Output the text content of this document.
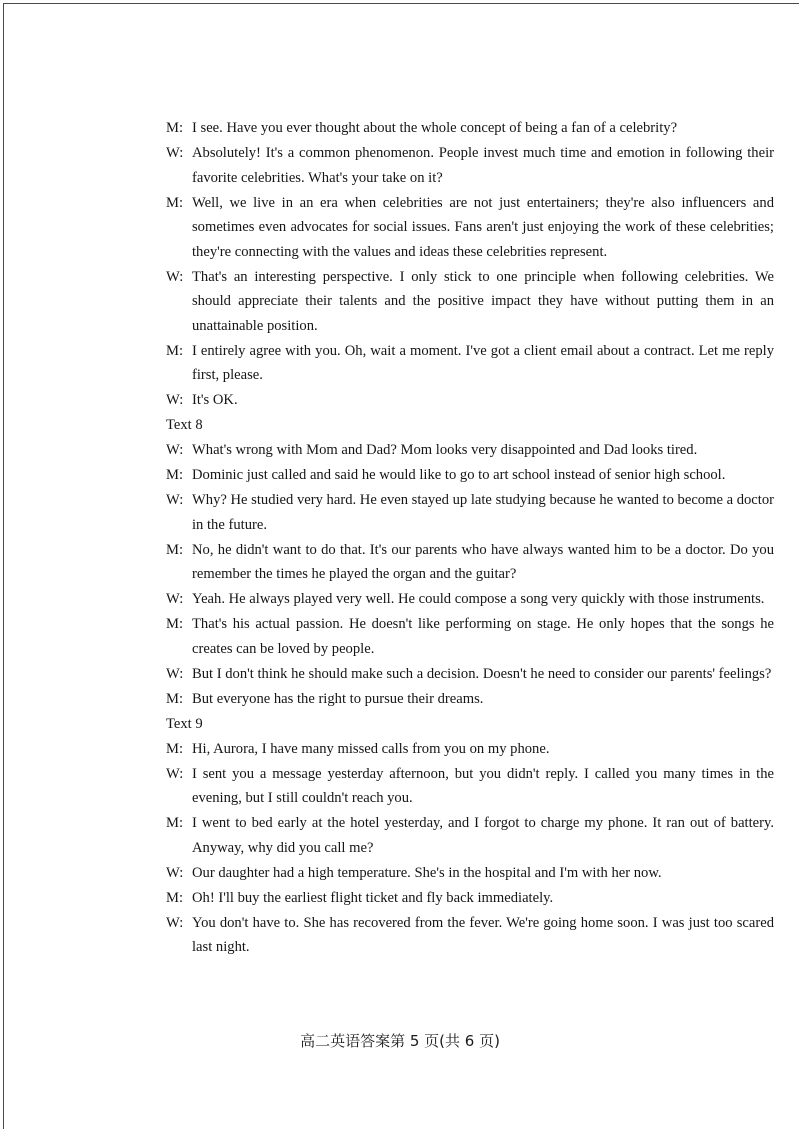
M: I see. Have you ever thought about the whole concept of being a fan of a celebrity?
W: Absolutely! It's a common phenomenon. People invest much time and emotion in following their favorite celebrities. What's your take on it?
M: Well, we live in an era when celebrities are not just entertainers; they're also influencers and sometimes even advocates for social issues. Fans aren't just enjoying the work of these celebrities; they're connecting with the values and ideas these celebrities represent.
W: That's an interesting perspective. I only stick to one principle when following celebrities. We should appreciate their talents and the positive impact they have without putting them in an unattainable position.
M: I entirely agree with you. Oh, wait a moment. I've got a client email about a contract. Let me reply first, please.
W: It's OK.
Text 8
W: What's wrong with Mom and Dad? Mom looks very disappointed and Dad looks tired.
M: Dominic just called and said he would like to go to art school instead of senior high school.
W: Why? He studied very hard. He even stayed up late studying because he wanted to become a doctor in the future.
M: No, he didn't want to do that. It's our parents who have always wanted him to be a doctor. Do you remember the times he played the organ and the guitar?
W: Yeah. He always played very well. He could compose a song very quickly with those instruments.
M: That's his actual passion. He doesn't like performing on stage. He only hopes that the songs he creates can be loved by people.
W: But I don't think he should make such a decision. Doesn't he need to consider our parents' feelings?
M: But everyone has the right to pursue their dreams.
Text 9
M: Hi, Aurora, I have many missed calls from you on my phone.
W: I sent you a message yesterday afternoon, but you didn't reply. I called you many times in the evening, but I still couldn't reach you.
M: I went to bed early at the hotel yesterday, and I forgot to charge my phone. It ran out of battery. Anyway, why did you call me?
W: Our daughter had a high temperature. She's in the hospital and I'm with her now.
M: Oh! I'll buy the earliest flight ticket and fly back immediately.
W: You don't have to. She has recovered from the fever. We're going home soon. I was just too scared last night.
高二英语答案第 5 页(共 6 页)
